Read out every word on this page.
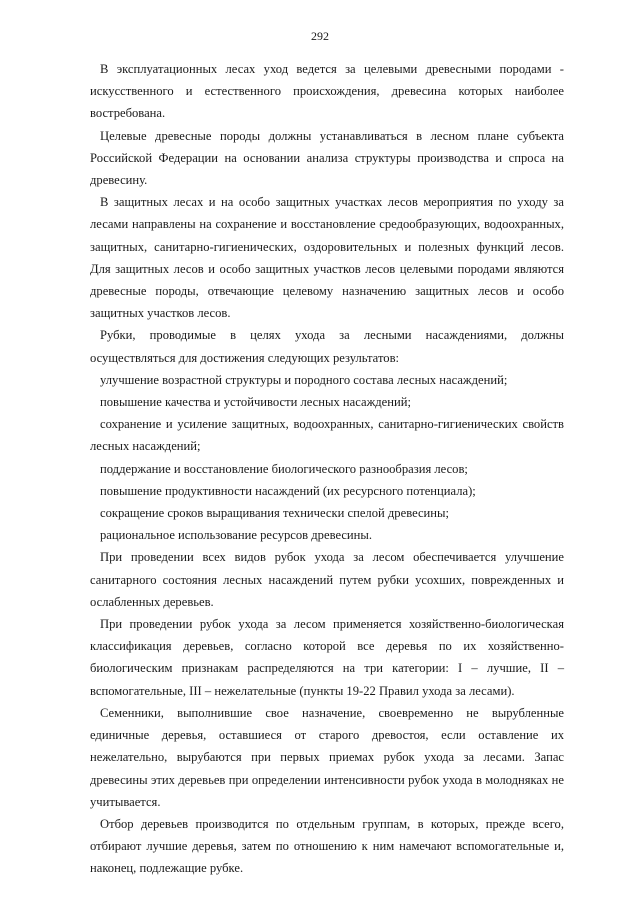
292

В эксплуатационных лесах уход ведется за целевыми древесными породами - искусственного и естественного происхождения, древесина которых наиболее востребована.

Целевые древесные породы должны устанавливаться в лесном плане субъекта Российской Федерации на основании анализа структуры производства и спроса на древесину.

В защитных лесах и на особо защитных участках лесов мероприятия по уходу за лесами направлены на сохранение и восстановление средообразующих, водоохранных, защитных, санитарно-гигиенических, оздоровительных и полезных функций лесов. Для защитных лесов и особо защитных участков лесов целевыми породами являются древесные породы, отвечающие целевому назначению защитных лесов и особо защитных участков лесов.

Рубки, проводимые в целях ухода за лесными насаждениями, должны осуществляться для достижения следующих результатов:

улучшение возрастной структуры и породного состава лесных насаждений;

повышение качества и устойчивости лесных насаждений;

сохранение и усиление защитных, водоохранных, санитарно-гигиенических свойств лесных насаждений;

поддержание и восстановление биологического разнообразия лесов;

повышение продуктивности насаждений (их ресурсного потенциала);

сокращение сроков выращивания технически спелой древесины;

рациональное использование ресурсов древесины.

При проведении всех видов рубок ухода за лесом обеспечивается улучшение санитарного состояния лесных насаждений путем рубки усохших, поврежденных и ослабленных деревьев.

При проведении рубок ухода за лесом применяется хозяйственно-биологическая классификация деревьев, согласно которой все деревья по их хозяйственно-биологическим признакам распределяются на три категории: I – лучшие, II – вспомогательные, III – нежелательные (пункты 19-22 Правил ухода за лесами).

Семенники, выполнившие свое назначение, своевременно не вырубленные единичные деревья, оставшиеся от старого древостоя, если оставление их нежелательно, вырубаются при первых приемах рубок ухода за лесами. Запас древесины этих деревьев при определении интенсивности рубок ухода в молодняках не учитывается.

Отбор деревьев производится по отдельным группам, в которых, прежде всего, отбирают лучшие деревья, затем по отношению к ним намечают вспомогательные и, наконец, подлежащие рубке.
